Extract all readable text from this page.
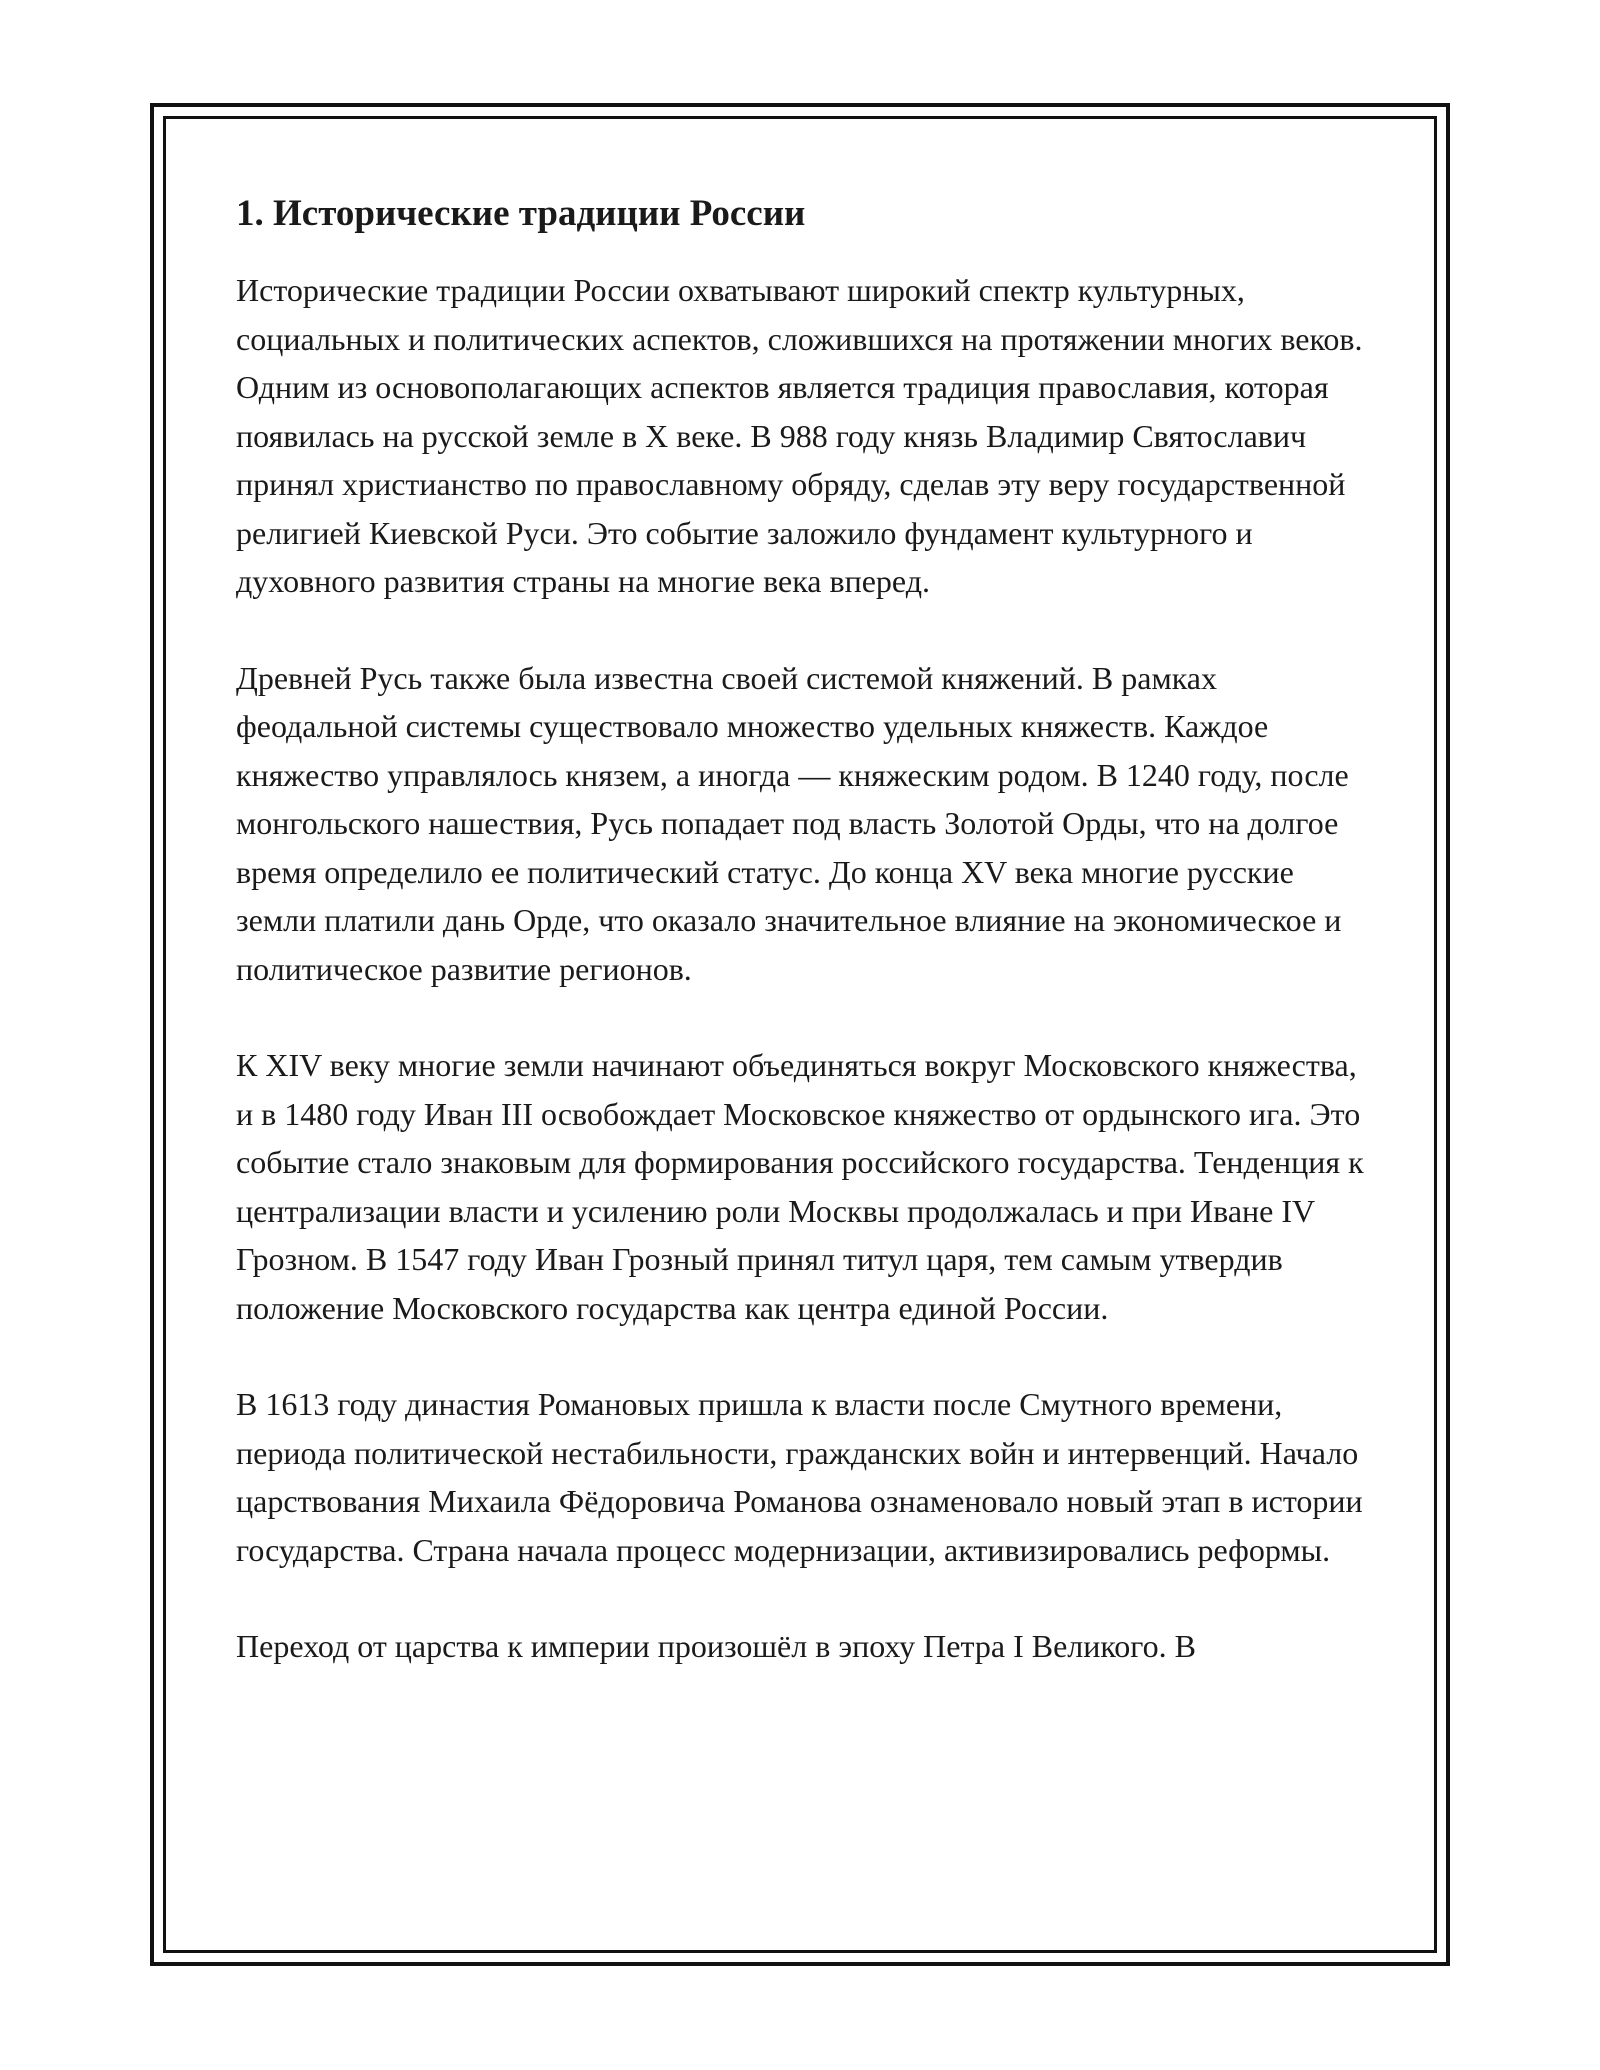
1. Исторические традиции России

Исторические традиции России охватывают широкий спектр культурных, социальных и политических аспектов, сложившихся на протяжении многих веков. Одним из основополагающих аспектов является традиция православия, которая появилась на русской земле в X веке. В 988 году князь Владимир Святославич принял христианство по православному обряду, сделав эту веру государственной религией Киевской Руси. Это событие заложило фундамент культурного и духовного развития страны на многие века вперед.

Древней Русь также была известна своей системой княжений. В рамках феодальной системы существовало множество удельных княжеств. Каждое княжество управлялось князем, а иногда — княжеским родом. В 1240 году, после монгольского нашествия, Русь попадает под власть Золотой Орды, что на долгое время определило ее политический статус. До конца XV века многие русские земли платили дань Орде, что оказало значительное влияние на экономическое и политическое развитие регионов.

К XIV веку многие земли начинают объединяться вокруг Московского княжества, и в 1480 году Иван III освобождает Московское княжество от ордынского ига. Это событие стало знаковым для формирования российского государства. Тенденция к централизации власти и усилению роли Москвы продолжалась и при Иване IV Грозном. В 1547 году Иван Грозный принял титул царя, тем самым утвердив положение Московского государства как центра единой России.

В 1613 году династия Романовых пришла к власти после Смутного времени, периода политической нестабильности, гражданских войн и интервенций. Начало царствования Михаила Фёдоровича Романова ознаменовало новый этап в истории государства. Страна начала процесс модернизации, активизировались реформы.

Переход от царства к империи произошёл в эпоху Петра I Великого. В
